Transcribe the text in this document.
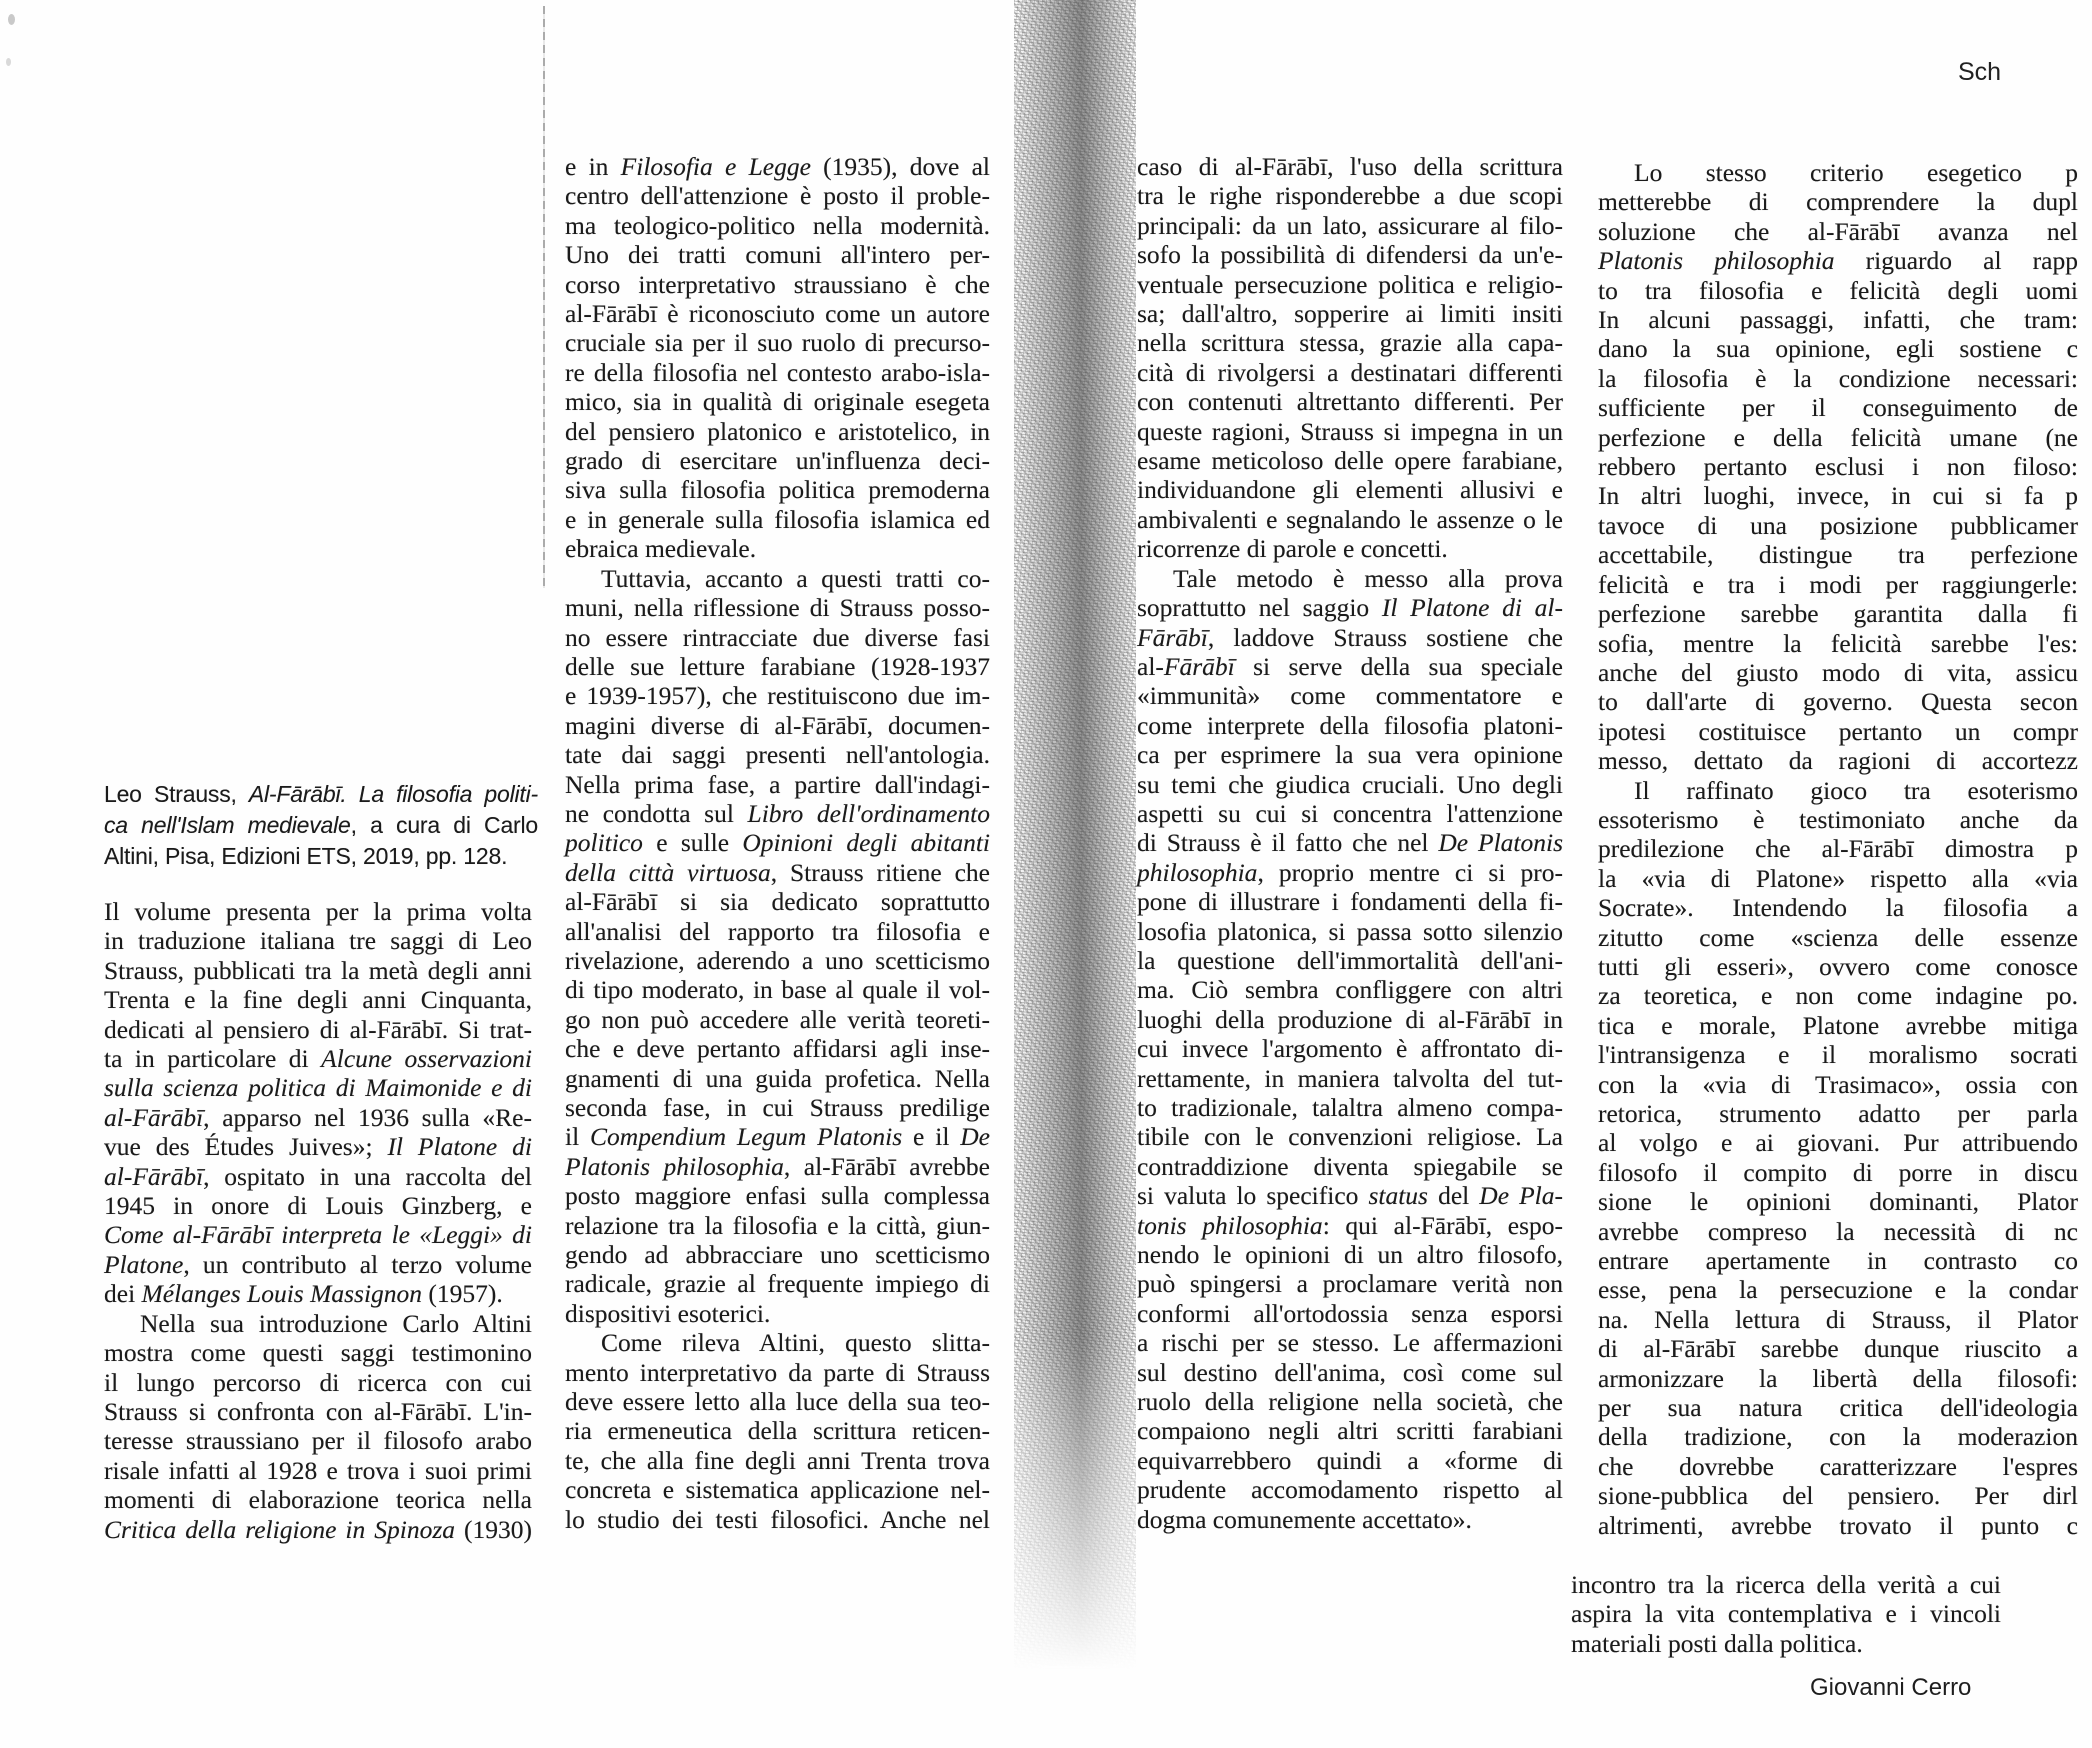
Sch
Leo Strauss, Al-Fārābī. La filosofia politi-
ca nell'Islam medievale, a cura di Carlo
Altini, Pisa, Edizioni ETS, 2019, pp. 128.
Il volume presenta per la prima volta
in traduzione italiana tre saggi di Leo
Strauss, pubblicati tra la metà degli anni
Trenta e la fine degli anni Cinquanta,
dedicati al pensiero di al-Fārābī. Si trat-
ta in particolare di Alcune osservazioni
sulla scienza politica di Maimonide e di
al-Fārābī, apparso nel 1936 sulla «Re-
vue des Études Juives»; Il Platone di
al-Fārābī, ospitato in una raccolta del
1945 in onore di Louis Ginzberg, e
Come al-Fārābī interpreta le «Leggi» di
Platone, un contributo al terzo volume
dei Mélanges Louis Massignon (1957).
Nella sua introduzione Carlo Altini
mostra come questi saggi testimonino
il lungo percorso di ricerca con cui
Strauss si confronta con al-Fārābī. L'in-
teresse straussiano per il filosofo arabo
risale infatti al 1928 e trova i suoi primi
momenti di elaborazione teorica nella
Critica della religione in Spinoza (1930)
e in Filosofia e Legge (1935), dove al
centro dell'attenzione è posto il proble-
ma teologico-politico nella modernità.
Uno dei tratti comuni all'intero per-
corso interpretativo straussiano è che
al-Fārābī è riconosciuto come un autore
cruciale sia per il suo ruolo di precurso-
re della filosofia nel contesto arabo-isla-
mico, sia in qualità di originale esegeta
del pensiero platonico e aristotelico, in
grado di esercitare un'influenza deci-
siva sulla filosofia politica premoderna
e in generale sulla filosofia islamica ed
ebraica medievale.
Tuttavia, accanto a questi tratti co-
muni, nella riflessione di Strauss posso-
no essere rintracciate due diverse fasi
delle sue letture farabiane (1928-1937
e 1939-1957), che restituiscono due im-
magini diverse di al-Fārābī, documen-
tate dai saggi presenti nell'antologia.
Nella prima fase, a partire dall'indagi-
ne condotta sul Libro dell'ordinamento
politico e sulle Opinioni degli abitanti
della città virtuosa, Strauss ritiene che
al-Fārābī si sia dedicato soprattutto
all'analisi del rapporto tra filosofia e
rivelazione, aderendo a uno scetticismo
di tipo moderato, in base al quale il vol-
go non può accedere alle verità teoreti-
che e deve pertanto affidarsi agli inse-
gnamenti di una guida profetica. Nella
seconda fase, in cui Strauss predilige
il Compendium Legum Platonis e il De
Platonis philosophia, al-Fārābī avrebbe
posto maggiore enfasi sulla complessa
relazione tra la filosofia e la città, giun-
gendo ad abbracciare uno scetticismo
radicale, grazie al frequente impiego di
dispositivi esoterici.
Come rileva Altini, questo slitta-
mento interpretativo da parte di Strauss
deve essere letto alla luce della sua teo-
ria ermeneutica della scrittura reticen-
te, che alla fine degli anni Trenta trova
concreta e sistematica applicazione nel-
lo studio dei testi filosofici. Anche nel
caso di al-Fārābī, l'uso della scrittura
tra le righe risponderebbe a due scopi
principali: da un lato, assicurare al filo-
sofo la possibilità di difendersi da un'e-
ventuale persecuzione politica e religio-
sa; dall'altro, sopperire ai limiti insiti
nella scrittura stessa, grazie alla capa-
cità di rivolgersi a destinatari differenti
con contenuti altrettanto differenti. Per
queste ragioni, Strauss si impegna in un
esame meticoloso delle opere farabiane,
individuandone gli elementi allusivi e
ambivalenti e segnalando le assenze o le
ricorrenze di parole e concetti.
Tale metodo è messo alla prova
soprattutto nel saggio Il Platone di al-
Fārābī, laddove Strauss sostiene che
al-Fārābī si serve della sua speciale
«immunità» come commentatore e
come interprete della filosofia platoni-
ca per esprimere la sua vera opinione
su temi che giudica cruciali. Uno degli
aspetti su cui si concentra l'attenzione
di Strauss è il fatto che nel De Platonis
philosophia, proprio mentre ci si pro-
pone di illustrare i fondamenti della fi-
losofia platonica, si passa sotto silenzio
la questione dell'immortalità dell'ani-
ma. Ciò sembra confliggere con altri
luoghi della produzione di al-Fārābī in
cui invece l'argomento è affrontato di-
rettamente, in maniera talvolta del tut-
to tradizionale, talaltra almeno compa-
tibile con le convenzioni religiose. La
contraddizione diventa spiegabile se
si valuta lo specifico status del De Pla-
tonis philosophia: qui al-Fārābī, espo-
nendo le opinioni di un altro filosofo,
può spingersi a proclamare verità non
conformi all'ortodossia senza esporsi
a rischi per se stesso. Le affermazioni
sul destino dell'anima, così come sul
ruolo della religione nella società, che
compaiono negli altri scritti farabiani
equivarrebbero quindi a «forme di
prudente accomodamento rispetto al
dogma comunemente accettato».
Lo stesso criterio esegetico p
metterebbe di comprendere la dupl
soluzione che al-Fārābī avanza nel
Platonis philosophia riguardo al rapp
to tra filosofia e felicità degli uomi
In alcuni passaggi, infatti, che tram:
dano la sua opinione, egli sostiene c
la filosofia è la condizione necessari:
sufficiente per il conseguimento de
perfezione e della felicità umane (ne
rebbero pertanto esclusi i non filoso:
In altri luoghi, invece, in cui si fa p
tavoce di una posizione pubblicamer
accettabile, distingue tra perfezione
felicità e tra i modi per raggiungerle:
perfezione sarebbe garantita dalla fi
sofia, mentre la felicità sarebbe l'es:
anche del giusto modo di vita, assicu
to dall'arte di governo. Questa secon
ipotesi costituisce pertanto un compr
messo, dettato da ragioni di accortezz
Il raffinato gioco tra esoterismo
essoterismo è testimoniato anche da
predilezione che al-Fārābī dimostra p
la «via di Platone» rispetto alla «via
Socrate». Intendendo la filosofia a
zitutto come «scienza delle essenze
tutti gli esseri», ovvero come conosce
za teoretica, e non come indagine po.
tica e morale, Platone avrebbe mitiga
l'intransigenza e il moralismo socrati
con la «via di Trasimaco», ossia con
retorica, strumento adatto per parla
al volgo e ai giovani. Pur attribuendo
filosofo il compito di porre in discu
sione le opinioni dominanti, Plator
avrebbe compreso la necessità di nc
entrare apertamente in contrasto co
esse, pena la persecuzione e la condar
na. Nella lettura di Strauss, il Plator
di al-Fārābī sarebbe dunque riuscito a
armonizzare la libertà della filosofi:
per sua natura critica dell'ideologia
della tradizione, con la moderazion
che dovrebbe caratterizzare l'espres
sione-pubblica del pensiero. Per dirl
altrimenti, avrebbe trovato il punto c
incontro tra la ricerca della verità a cui
aspira la vita contemplativa e i vincoli
materiali posti dalla politica.
Giovanni Cerro
